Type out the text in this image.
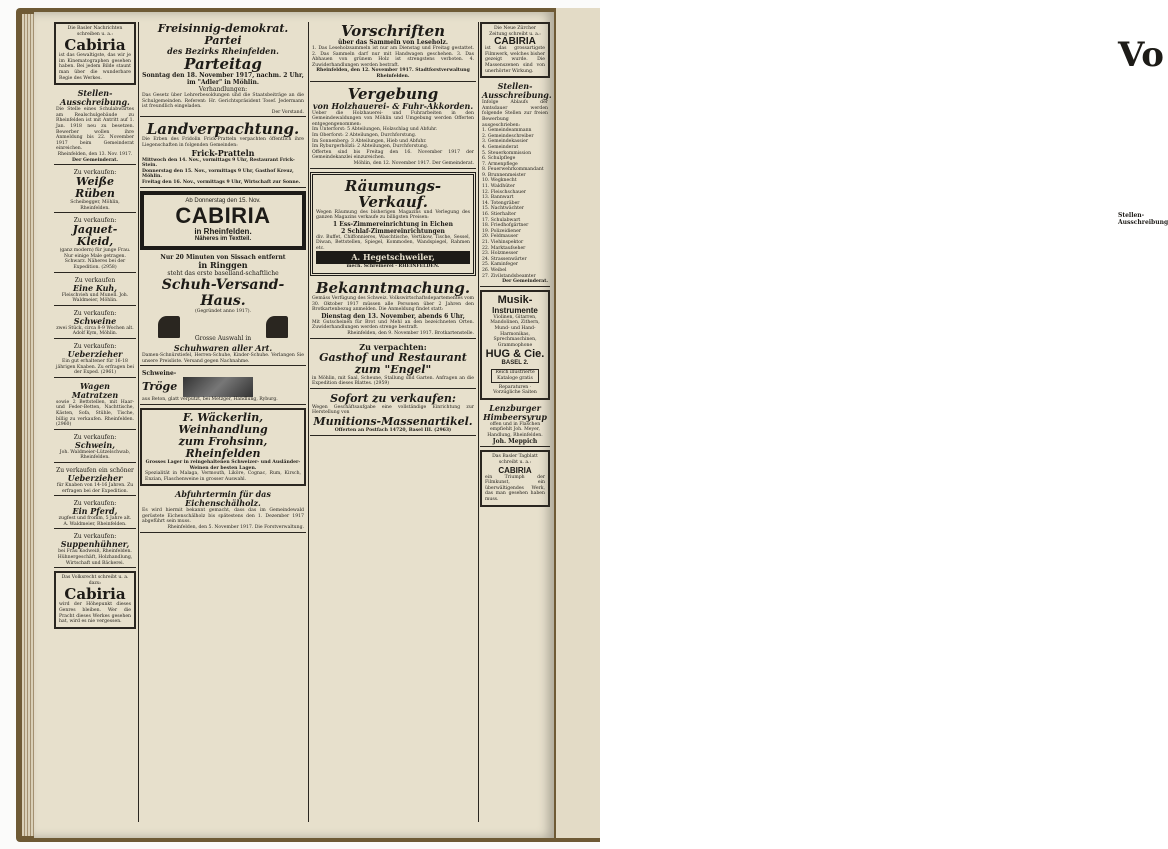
Vo
Stellen-
Ausschreibung
Die Basler Nachrichten schreiben u. a.:
Cabiria
ist das Gewaltigste, das wir je im Kinematographen gesehen haben. Bei jedem Bilde staunt man über die wunderbare Regie des Werkes.
Stellen-Ausschreibung.
Die Stelle eines Schulabwartes am Realschulgebäude zu Rheinfelden ist mit Antritt auf 1. Jan. 1918 neu zu besetzen. Bewerber wollen ihre Anmeldung bis 22. November 1917 beim Gemeinderat einreichen.
Rheinfelden, den 13. Nov. 1917.
Der Gemeinderat.
Zu verkaufen:
Weiße Rüben
Scheibegger, Möhlin, Rheinfelden.
Zu verkaufen:
Jaquet-Kleid,
(ganz modern) für junge Frau. Nur einige Male getragen. Schwarz. Näheres bei der Expedition. (2958)
Zu verkaufen
Eine Kuh,
Fleischvieh und Munell. Joh. Waldmeier, Möhlin.
Zu verkaufen:
Schweine
zwei Stück, circa 8-9 Wochen alt. Adolf Kym, Möhlin.
Zu verkaufen:
Ueberzieher
Ein gut erhaltener für 16-18 jährigen Knaben. Zu erfragen bei der Exped. (2961)
Wagen Matratzen
sowie 2 Bettstellen, mit Haar- und Feder-Betten, Nachttische, Kästen, Sofa, Stühle, Tische, billig zu verkaufen. Rheinfelden. (2960)
Zu verkaufen:
Schwein,
Joh. Waldmeier-Lützelschwab, Rheinfelden.
Zu verkaufen ein schöner
Ueberzieher
für Knaben von 14-16 Jahren. Zu erfragen bei der Expedition.
Zu verkaufen:
Ein Pferd,
zugfest und fromm, 5 Jahre alt. A. Waldmeier, Rheinfelden.
Zu verkaufen:
Suppenhühner,
bei Frau Kodweiß, Rheinfelden. Hühnergeschäft, Holzhandlung, Wirtschaft und Bäckerei.
Das Volksrecht schreibt u. a. dazu:
Cabiria
wird der Höhepunkt dieses Genres bleiben. Wer die Pracht dieses Werkes gesehen hat, wird es nie vergessen.
Freisinnig-demokrat. Partei
des Bezirks Rheinfelden.
Parteitag
Sonntag den 18. November 1917, nachm. 2 Uhr, im "Adler" in Möhlin.
Verhandlungen:
Das Gesetz über Lehrerbesoldungen und die Staatsbeiträge an die Schulgemeinden. Referent: Hr. Gerichtspräsident Tosef. Jedermann ist freundlich eingeladen.
Der Vorstand.
Landverpachtung.
Die Erben des Fridolin Frick-Pratteln verpachten öffentlich ihre Liegenschaften in folgenden Gemeinden:
Frick-Pratteln
Mittwoch den 14. Nov., vormittags 9 Uhr, Restaurant Frick-Stein.
Donnerstag den 15. Nov., vormittags 9 Uhr, Gasthof Kreuz, Möhlin.
Freitag den 16. Nov., vormittags 9 Uhr, Wirtschaft zur Sonne.
Ab Donnerstag den 15. Nov.
CABIRIA
in Rheinfelden.
Näheres im Textteil.
Nur 20 Minuten von Sissach entfernt
in Ringgen
steht das erste baselland-schaftliche
Schuh-Versand-Haus.
(Gegründet anno 1917).
Grosse Auswahl in
Schuhwaren aller Art.
Damen-Schnürstiefel, Herren-Schuhe, Kinder-Schuhe. Verlangen Sie unsere Preisliste. Versand gegen Nachnahme.
Schweine-
Tröge
aus Beton, glatt verputzt, bei Metzger, Handlung, Ryburg.
F. Wäckerlin, Weinhandlung
zum Frohsinn, Rheinfelden
Grosses Lager in reingehaltenen Schweizer- und Ausländer-Weinen der besten Lagen.
Spezialität in Malaga, Vermouth, Liköre, Cognac, Rum, Kirsch, Enzian, Flaschenweine in grosser Auswahl.
Abfuhrtermin für das Eichenschälholz.
Es wird hiermit bekannt gemacht, dass das im Gemeindewald gerüstete Eichenschälholz bis spätestens den 1. Dezember 1917 abgeführt sein muss.
Rheinfelden, den 5. November 1917. Die Forstverwaltung.
Vorschriften
über das Sammeln von Leseholz.
1. Das Leseholzsammeln ist nur am Dienstag und Freitag gestattet. 2. Das Sammeln darf nur mit Handwagen geschehen. 3. Das Abhauen von grünem Holz ist strengstens verboten. 4. Zuwiderhandlungen werden bestraft.
Rheinfelden, den 12. November 1917. Stadtforstverwaltung Rheinfelden.
Vergebung
von Holzhauerei- & Fuhr-Akkorden.
Ueber die Holzhauerei- und Fuhrarbeiten in den Gemeindewaldungen von Möhlin und Umgebung werden Offerten entgegengenommen:
Im Unterforst: 5 Abteilungen, Holzschlag und Abfuhr.
Im Oberforst: 2 Abteilungen, Durchforstung.
Im Sonnenberg: 3 Abteilungen, Hieb und Abfuhr.
Im Ryburgerhölzli: 2 Abteilungen, Durchforstung.
Offerten sind bis Freitag den 16. November 1917 der Gemeindekanzlei einzureichen.
Möhlin, den 12. November 1917. Der Gemeinderat.
Räumungs-Verkauf.
Wegen Räumung des bisherigen Magazins und Verlegung des ganzen Magazins verkaufe zu billigsten Preisen:
1 Ess-Zimmereinrichtung in Eichen
2 Schlaf-Zimmereinrichtungen
div. Buffet, Chiffonnieres, Waschtische, Vertikow, Tische, Sessel, Diwan, Bettstellen, Spiegel, Kommoden, Wandspiegel, Rahmen etc.
A. Hegetschweiler,
mech. Schreinerei · RHEINFELDEN.
Bekanntmachung.
Gemäss Verfügung des Schweiz. Volkswirtschaftsdepartementes vom 30. Oktober 1917 müssen alle Personen über 2 Jahren den Brotkartenbezug anmelden. Die Anmeldung findet statt:
Dienstag den 13. November, abends 6 Uhr,
Mit Gutscheinen für Brot und Mehl an den bezeichneten Orten. Zuwiderhandlungen werden strenge bestraft.
Rheinfelden, den 9. November 1917. Brotkartenstelle.
Zu verpachten:
Gasthof und Restaurant
zum "Engel"
in Möhlin, mit Saal, Scheune, Stallung und Garten. Anfragen an die Expedition dieses Blattes. (2959)
Sofort zu verkaufen:
Wegen Geschäftsaufgabe eine vollständige Einrichtung zur Herstellung von
Munitions-Massenartikel.
Offerten an Postfach 14720, Basel III. (2963)
Die Neue Zürcher Zeitung schreibt u. a.:
CABIRIA
ist das grossartigste Filmwerk, welches bisher gezeigt wurde. Die Massenszenen sind von unerhörter Wirkung.
Stellen-Ausschreibung.
Infolge Ablaufs der Amtsdauer werden folgende Stellen zur freien Bewerbung ausgeschrieben:
1. Gemeindeammann
2. Gemeindeschreiber
3. Gemeindekassier
4. Gemeinderat
5. Steuerkommission
6. Schulpflege
7. Armenpflege
8. Feuerwehrkommandant
9. Brunnenmeister
10. Wegknecht
11. Waldhüter
12. Fleischschauer
13. Bannwart
14. Totengräber
15. Nachtwächter
16. Stierhalter
17. Schulabwart
18. Friedhofgärtner
19. Polizeidiener
20. Feldmauser
21. Viehinspektor
22. Marktaufseher
23. Holzmesser
24. Strassenwärter
25. Kaminfeger
26. Weibel
27. Zivilstandsbeamter
Der Gemeinderat.
Musik-
Instrumente
Violinen, Gitarren, Mandolinen, Zithern, Mund- und Hand-Harmonikas, Sprechmaschinen, Grammophone
HUG & Cie.
BASEL 2.
Reich illustrierte Kataloge gratis
Reparaturen · Vorzügliche Saiten
Lenzburger Himbeersyrup
offen und in Flaschen empfiehlt Joh. Meyer, Handlung, Rheinfelden.
Joh. Meppich
Das Basler Tagblatt schreibt u. a.:
CABIRIA
ein Triumph der Filmkunst, ein überwältigendes Werk, das man gesehen haben muss.
